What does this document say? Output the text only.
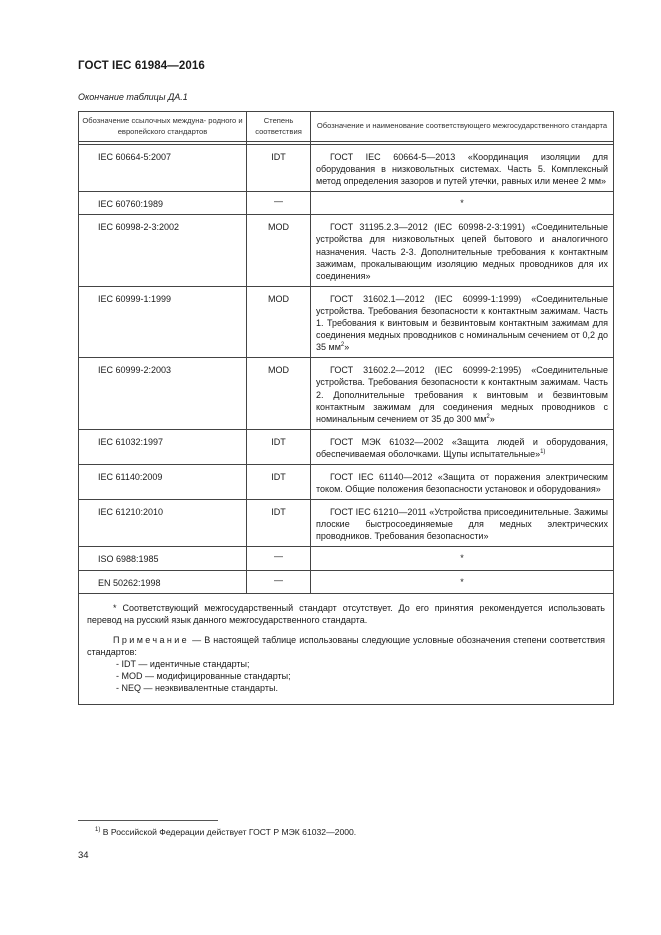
ГОСТ IEC 61984—2016
Окончание таблицы ДА.1
Обозначение ссылочных междуна- родного и европейского стандартов	Степень соответствия	Обозначение и наименование соответствующего межгосударственного стандарта

IEC 60664-5:2007	IDT	ГОСТ IEC 60664-5—2013 «Координация изоляции для оборудования в низковольтных системах. Часть 5. Комплексный метод определения зазоров и путей утечки, равных или менее 2 мм»
IEC 60760:1989	—	*
IEC 60998-2-3:2002	MOD	ГОСТ 31195.2.3—2012 (IEC 60998-2-3:1991) «Соединительные устройства для низковольтных цепей бытового и аналогичного назначения. Часть 2-3. Дополнительные требования к контактным зажимам, прокалывающим изоляцию медных проводников для их соединения»
IEC 60999-1:1999	MOD	ГОСТ 31602.1—2012 (IEC 60999-1:1999) «Соединительные устройства. Требования безопасности к контактным зажимам. Часть 1. Требования к винтовым и безвинтовым контактным зажимам для соединения медных проводников с номинальным сечением от 0,2 до 35 $мм^2$»
IEC 60999-2:2003	MOD	ГОСТ 31602.2—2012 (IEC 60999-2:1995) «Соединительные устройства. Требования безопасности к контактным зажимам. Часть 2. Дополнительные требования к винтовым и безвинтовым контактным зажимам для соединения медных проводников с номинальным сечением от 35 до 300 $мм^2$»
IEC 61032:1997	IDT	ГОСТ МЭК 61032—2002 «Защита людей и оборудования, обеспечиваемая оболочками. Щупы испытательные»$^{1)}$
IEC 61140:2009	IDT	ГОСТ IEC 61140—2012 «Защита от поражения электрическим током. Общие положения безопасности установок и оборудования»
IEC 61210:2010	IDT	ГОСТ IEC 61210—2011 «Устройства присоединительные. Зажимы плоские быстросоединяемые для медных электрических проводников. Требования безопасности»
ISO 6988:1985	—	*
EN 50262:1998	—	*

* Соответствующий межгосударственный стандарт отсутствует. До его принятия рекомендуется использовать перевод на русский язык данного межгосударственного стандарта.

Примечание — В настоящей таблице использованы следующие условные обозначения степени соответствия стандартов:

- IDT — идентичные стандарты;

- MOD — модифицированные стандарты;

- NEQ — неэквивалентные стандарты.		

$^{1)}$ В Российской Федерации действует ГОСТ Р МЭК 61032—2000.
34
